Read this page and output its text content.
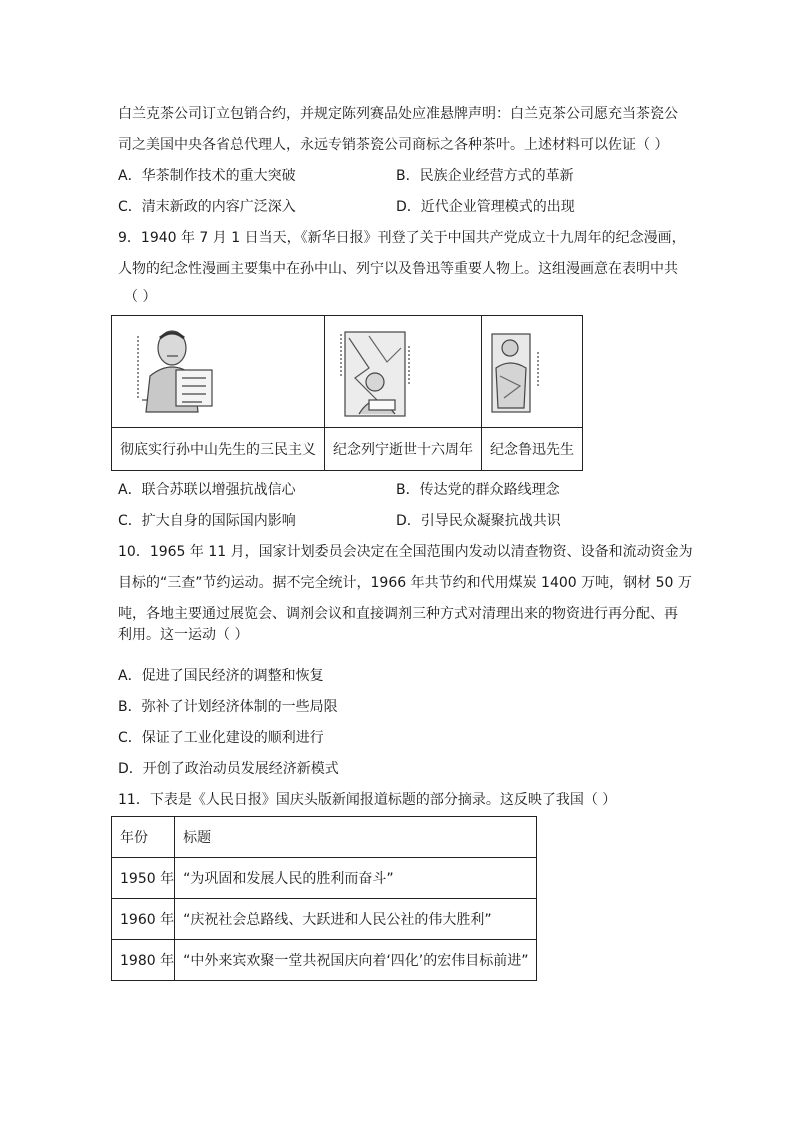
白兰克茶公司订立包销合约，并规定陈列赛品处应准悬牌声明：白兰克茶公司愿充当茶瓷公
司之美国中央各省总代理人，永远专销茶瓷公司商标之各种茶叶。上述材料可以佐证（ ）
A．华茶制作技术的重大突破	B．民族企业经营方式的革新
C．清末新政的内容广泛深入	D．近代企业管理模式的出现
9．1940 年 7 月 1 日当天，《新华日报》刊登了关于中国共产党成立十九周年的纪念漫画，
人物的纪念性漫画主要集中在孙中山、列宁以及鲁迅等重要人物上。这组漫画意在表明中共
（ ）

彻底实行孙中山先生的三民主义	纪念列宁逝世十六周年	纪念鲁迅先生
A．联合苏联以增强抗战信心	B．传达党的群众路线理念
C．扩大自身的国际国内影响	D．引导民众凝聚抗战共识
10．1965 年 11 月，国家计划委员会决定在全国范围内发动以清查物资、设备和流动资金为
目标的“三查”节约运动。据不完全统计，1966 年共节约和代用煤炭 1400 万吨，钢材 50 万
吨，各地主要通过展览会、调剂会议和直接调剂三种方式对清理出来的物资进行再分配、再
利用。这一运动（ ）
A．促进了国民经济的调整和恢复
B．弥补了计划经济体制的一些局限
C．保证了工业化建设的顺利进行
D．开创了政治动员发展经济新模式
11．下表是《人民日报》国庆头版新闻报道标题的部分摘录。这反映了我国（ ）
年份	标题
1950 年	“为巩固和发展人民的胜利而奋斗”
1960 年	“庆祝社会总路线、大跃进和人民公社的伟大胜利”
1980 年	“中外来宾欢聚一堂共祝国庆向着‘四化’的宏伟目标前进”
